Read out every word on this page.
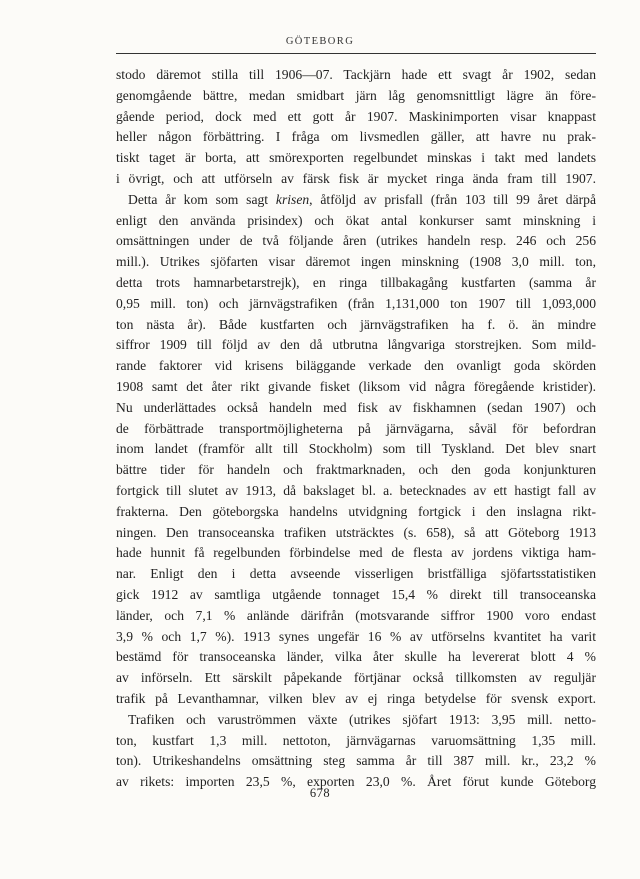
GÖTEBORG

stodo däremot stilla till 1906—07. Tackjärn hade ett svagt år 1902, sedan
genomgående bättre, medan smidbart järn låg genomsnittligt lägre än före-
gående period, dock med ett gott år 1907. Maskinimporten visar knappast
heller någon förbättring. I fråga om livsmedlen gäller, att havre nu prak-
tiskt taget är borta, att smörexporten regelbundet minskas i takt med landets
i övrigt, och att utförseln av färsk fisk är mycket ringa ända fram till 1907.

Detta år kom som sagt krisen, åtföljd av prisfall (från 103 till 99 året därpå
enligt den använda prisindex) och ökat antal konkurser samt minskning i
omsättningen under de två följande åren (utrikes handeln resp. 246 och 256
mill.). Utrikes sjöfarten visar däremot ingen minskning (1908 3,0 mill. ton,
detta trots hamnarbetarstrejk), en ringa tillbakagång kustfarten (samma år
0,95 mill. ton) och järnvägstrafiken (från 1,131,000 ton 1907 till 1,093,000
ton nästa år). Både kustfarten och järnvägstrafiken ha f. ö. än mindre
siffror 1909 till följd av den då utbrutna långvariga storstrejken. Som mild-
rande faktorer vid krisens biläggande verkade den ovanligt goda skörden
1908 samt det åter rikt givande fisket (liksom vid några föregående kristider).
Nu underlättades också handeln med fisk av fiskhamnen (sedan 1907) och
de förbättrade transportmöjligheterna på järnvägarna, såväl för befordran
inom landet (framför allt till Stockholm) som till Tyskland. Det blev snart
bättre tider för handeln och fraktmarknaden, och den goda konjunkturen
fortgick till slutet av 1913, då bakslaget bl. a. betecknades av ett hastigt fall av
frakterna. Den göteborgska handelns utvidgning fortgick i den inslagna rikt-
ningen. Den transoceanska trafiken utsträcktes (s. 658), så att Göteborg 1913
hade hunnit få regelbunden förbindelse med de flesta av jordens viktiga ham-
nar. Enligt den i detta avseende visserligen bristfälliga sjöfartsstatistiken
gick 1912 av samtliga utgående tonnaget 15,4 % direkt till transoceanska
länder, och 7,1 % anlände därifrån (motsvarande siffror 1900 voro endast
3,9 % och 1,7 %). 1913 synes ungefär 16 % av utförselns kvantitet ha varit
bestämd för transoceanska länder, vilka åter skulle ha levererat blott 4 %
av införseln. Ett särskilt påpekande förtjänar också tillkomsten av reguljär
trafik på Levanthamnar, vilken blev av ej ringa betydelse för svensk export.

Trafiken och varuströmmen växte (utrikes sjöfart 1913: 3,95 mill. netto-
ton, kustfart 1,3 mill. nettoton, järnvägarnas varuomsättning 1,35 mill.
ton). Utrikeshandelns omsättning steg samma år till 387 mill. kr., 23,2 %
av rikets: importen 23,5 %, exporten 23,0 %. Året förut kunde Göteborg

678
